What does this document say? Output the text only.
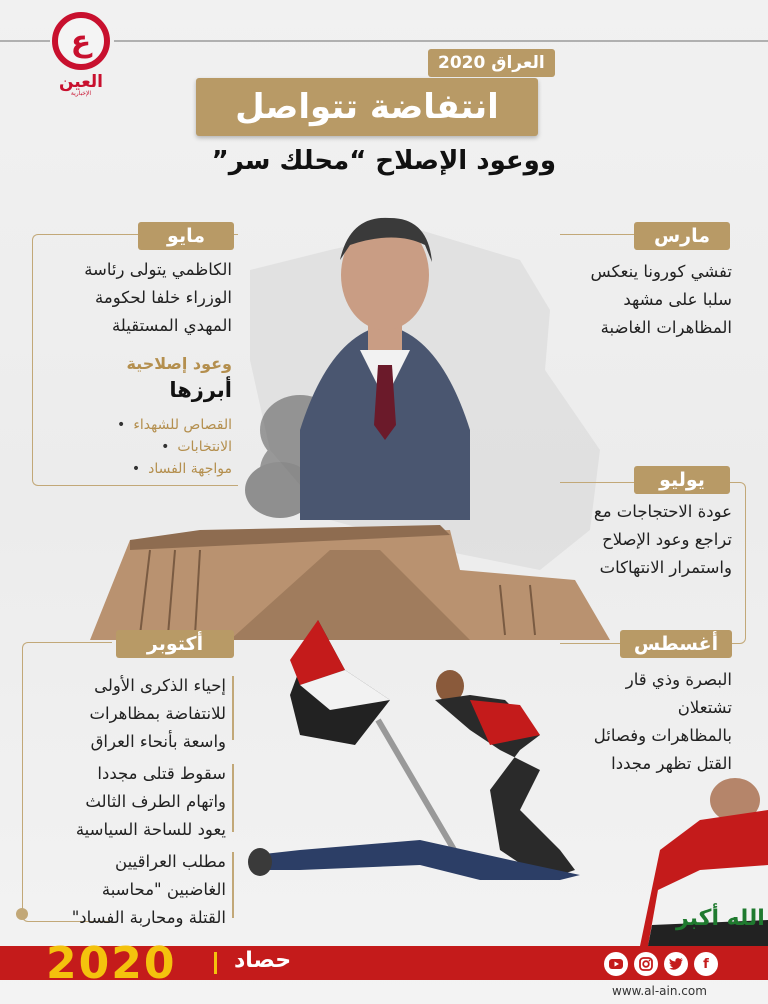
ع
العين
الإخبارية
العراق 2020
انتفاضة تتواصل
ووعود الإصلاح “محلك سر”
الله أكبر
مايو
الكاظمي يتولى رئاسة
الوزراء خلفا لحكومة
المهدي المستقيلة
وعود إصلاحية
أبرزها
القصاص للشهداء •
الانتخابات •
مواجهة الفساد •
مارس
تفشي كورونا ينعكس
سلبا على مشهد
المظاهرات الغاضبة
يوليو
عودة الاحتجاجات مع
تراجع وعود الإصلاح
واستمرار الانتهاكات
أغسطس
البصرة وذي قار
تشتعلان
بالمظاهرات وفصائل
القتل تظهر مجددا
أكتوبر
إحياء الذكرى الأولى
للانتفاضة بمظاهرات
واسعة بأنحاء العراق
سقوط قتلى مجددا
واتهام الطرف الثالث
يعود للساحة السياسية
مطلب العراقيين
الغاضبين "محاسبة
القتلة ومحاربة الفساد"
2020	حصاد	f
www.al-ain.com
